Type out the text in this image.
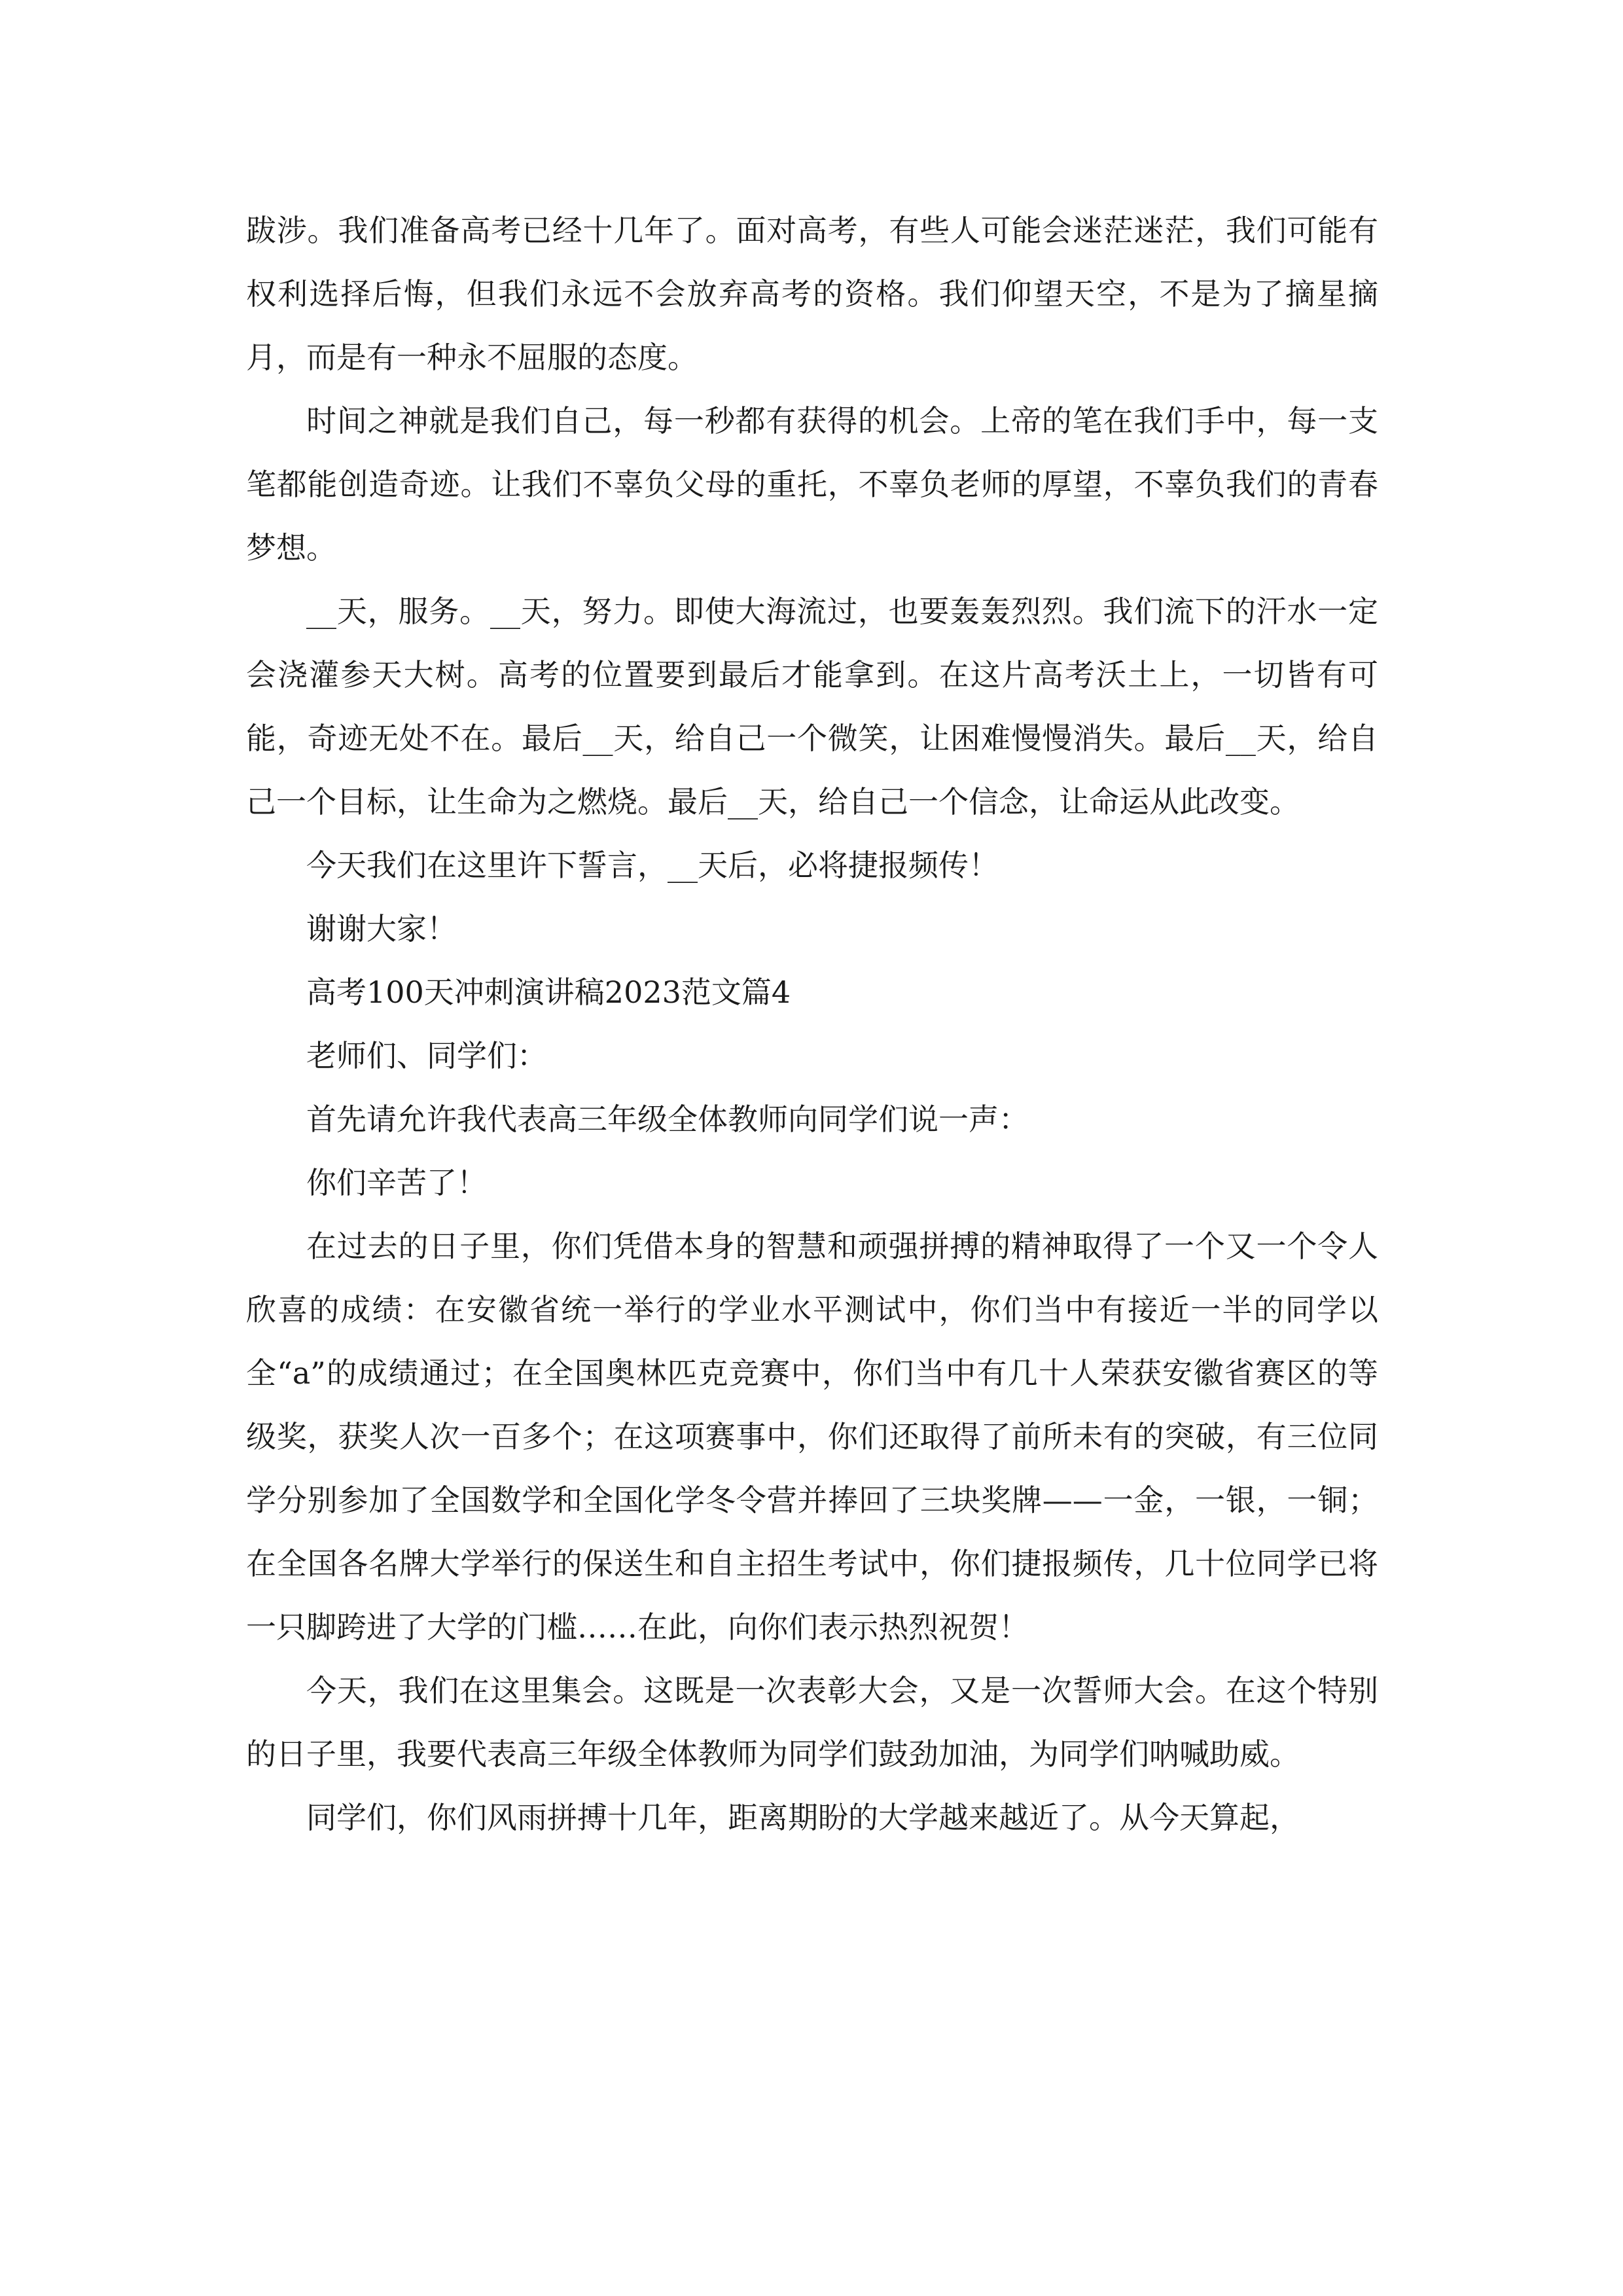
跋涉。我们准备高考已经十几年了。面对高考，有些人可能会迷茫迷茫，我们可能有权利选择后悔，但我们永远不会放弃高考的资格。我们仰望天空，不是为了摘星摘月，而是有一种永不屈服的态度。

时间之神就是我们自己，每一秒都有获得的机会。上帝的笔在我们手中，每一支笔都能创造奇迹。让我们不辜负父母的重托，不辜负老师的厚望，不辜负我们的青春 梦想。

__天，服务。__天，努力。即使大海流过，也要轰轰烈烈。我们流下的汗水一定会浇灌参天大树。高考的位置要到最后才能拿到。在这片高考沃土上，一切皆有可能，奇迹无处不在。最后__天，给自己一个微笑，让困难慢慢消失。最后__天，给自己一个目标，让生命为之燃烧。最后__天，给自己一个信念，让命运从此改变。

今天我们在这里许下誓言，__天后，必将捷报频传！

谢谢大家！

高考100天冲刺演讲稿2023范文篇4

老师们、同学们：

首先请允许我代表高三年级全体教师向同学们说一声：

你们辛苦了！

在过去的日子里，你们凭借本身的智慧和顽强拼搏的精神取得了一个又一个令人欣喜的成绩：在安徽省统一举行的学业水平测试中，你们当中有接近一半的同学以全“a”的成绩通过；在全国奥林匹克竞赛中，你们当中有几十人荣获安徽省赛区的等级奖，获奖人次一百多个；在这项赛事中，你们还取得了前所未有的突破，有三位同学分别参加了全国数学和全国化学冬令营并捧回了三块奖牌——一金，一银，一铜；在全国各名牌大学举行的保送生和自主招生考试中，你们捷报频传，几十位同学已将一只脚跨进了大学的门槛……在此，向你们表示热烈祝贺！

今天，我们在这里集会。这既是一次表彰大会，又是一次誓师大会。在这个特别的日子里，我要代表高三年级全体教师为同学们鼓劲加油，为同学们呐喊助威。

同学们，你们风雨拼搏十几年，距离期盼的大学越来越近了。从今天算起，
